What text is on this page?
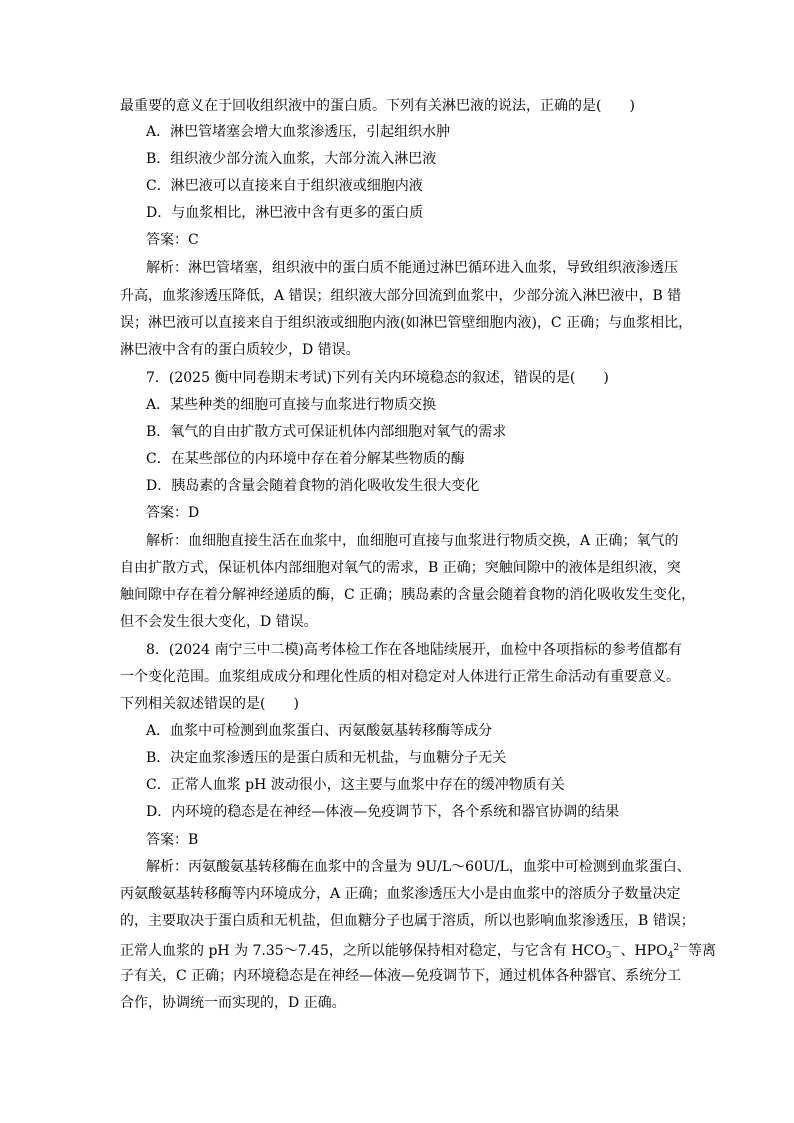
最重要的意义在于回收组织液中的蛋白质。下列有关淋巴液的说法，正确的是(　　)
A．淋巴管堵塞会增大血浆渗透压，引起组织水肿
B．组织液少部分流入血浆，大部分流入淋巴液
C．淋巴液可以直接来自于组织液或细胞内液
D．与血浆相比，淋巴液中含有更多的蛋白质
答案：C
解析：淋巴管堵塞，组织液中的蛋白质不能通过淋巴循环进入血浆，导致组织液渗透压
升高，血浆渗透压降低，A 错误；组织液大部分回流到血浆中，少部分流入淋巴液中，B 错
误；淋巴液可以直接来自于组织液或细胞内液(如淋巴管壁细胞内液)，C 正确；与血浆相比，
淋巴液中含有的蛋白质较少，D 错误。
7．(2025 衡中同卷期末考试)下列有关内环境稳态的叙述，错误的是(　　)
A．某些种类的细胞可直接与血浆进行物质交换
B．氧气的自由扩散方式可保证机体内部细胞对氧气的需求
C．在某些部位的内环境中存在着分解某些物质的酶
D．胰岛素的含量会随着食物的消化吸收发生很大变化
答案：D
解析：血细胞直接生活在血浆中，血细胞可直接与血浆进行物质交换，A 正确；氧气的
自由扩散方式，保证机体内部细胞对氧气的需求，B 正确；突触间隙中的液体是组织液，突
触间隙中存在着分解神经递质的酶，C 正确；胰岛素的含量会随着食物的消化吸收发生变化，
但不会发生很大变化，D 错误。
8．(2024 南宁三中二模)高考体检工作在各地陆续展开，血检中各项指标的参考值都有
一个变化范围。血浆组成成分和理化性质的相对稳定对人体进行正常生命活动有重要意义。
下列相关叙述错误的是(　　)
A．血浆中可检测到血浆蛋白、丙氨酸氨基转移酶等成分
B．决定血浆渗透压的是蛋白质和无机盐，与血糖分子无关
C．正常人血浆 pH 波动很小，这主要与血浆中存在的缓冲物质有关
D．内环境的稳态是在神经—体液—免疫调节下，各个系统和器官协调的结果
答案：B
解析：丙氨酸氨基转移酶在血浆中的含量为 9U/L～60U/L，血浆中可检测到血浆蛋白、
丙氨酸氨基转移酶等内环境成分，A 正确；血浆渗透压大小是由血浆中的溶质分子数量决定
的，主要取决于蛋白质和无机盐，但血糖分子也属于溶质，所以也影响血浆渗透压，B 错误；
正常人血浆的 pH 为 7.35～7.45，之所以能够保持相对稳定，与它含有 $HCO_3^-$、$HPO_4^{2-}$等离
子有关，C 正确；内环境稳态是在神经—体液—免疫调节下，通过机体各种器官、系统分工
合作，协调统一而实现的，D 正确。
